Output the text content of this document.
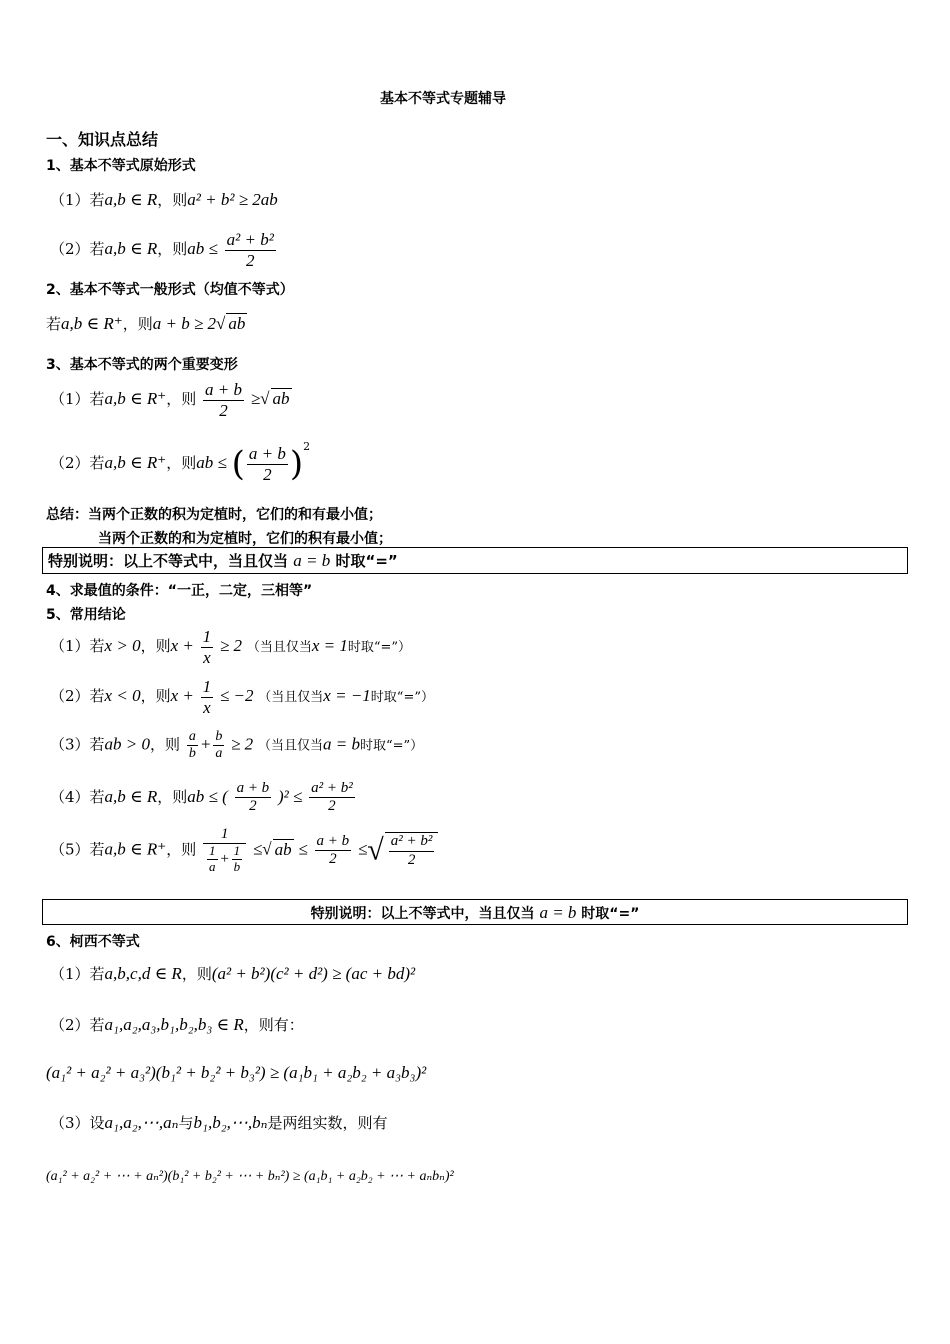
基本不等式专题辅导
一、知识点总结
1、基本不等式原始形式
（1）若a,b ∈ R，则a² + b² ≥ 2ab
（2）若a,b ∈ R，则ab ≤ $\frac{\text{a² + b²}}{2}$
2、基本不等式一般形式（均值不等式）
若a,b ∈ R⁺，则a + b ≥ 2√ ab
3、基本不等式的两个重要变形
（1）若a,b ∈ R⁺，则 $\frac{a + b}{2}$ ≥√ ab
（2）若a,b ∈ R⁺，则ab ≤ ( $\frac{a + b}{2} )^2$
总结：当两个正数的积为定植时，它们的和有最小值；
当两个正数的和为定植时，它们的积有最小值；
特别说明：以上不等式中，当且仅当 a = b 时取“=”
4、求最值的条件：“一正，二定，三相等”
5、常用结论
（1）若x > 0，则$x + \frac{1}{x} \ge 2$ （当且仅当x = 1时取“=”）
（2）若x < 0，则$x + \frac{1}{x} \le -2$ （当且仅当x = −1时取“=”）
（3）若ab > 0，则 $\frac{a}{b} + \frac{b}{a} \ge 2$ （当且仅当a = b时取“=”）
（4）若a,b ∈ R，则ab ≤ ( $\frac{a + b}{2} )^2 \le \frac{\text{a² + b²}}{2}$
（5）若a,b ∈ R⁺，则 $\frac{1}{\frac{1}{a} + \frac{1}{b}}$ ≤√ ab ≤ $\frac{a + b}{2}$ ≤√ $\frac{\text{a² + b²}}{2}$
特别说明：以上不等式中，当且仅当 a = b 时取“=”
6、柯西不等式
（1）若a,b,c,d ∈ R，则(a² + b²)(c² + d²) ≥ (ac + bd)²
（2）若a₁,a₂,a₃,b₁,b₂,b₃ ∈ R，则有：
(a₁² + a₂² + a₃²)(b₁² + b₂² + b₃²) ≥ (a₁b₁ + a₂b₂ + a₃b₃)²
（3）设a₁,a₂,⋯,aₙ与b₁,b₂,⋯,bₙ是两组实数，则有
(a₁² + a₂² + ⋯ + aₙ²)(b₁² + b₂² + ⋯ + bₙ²) ≥ (a₁b₁ + a₂b₂ + ⋯ + aₙbₙ)²
